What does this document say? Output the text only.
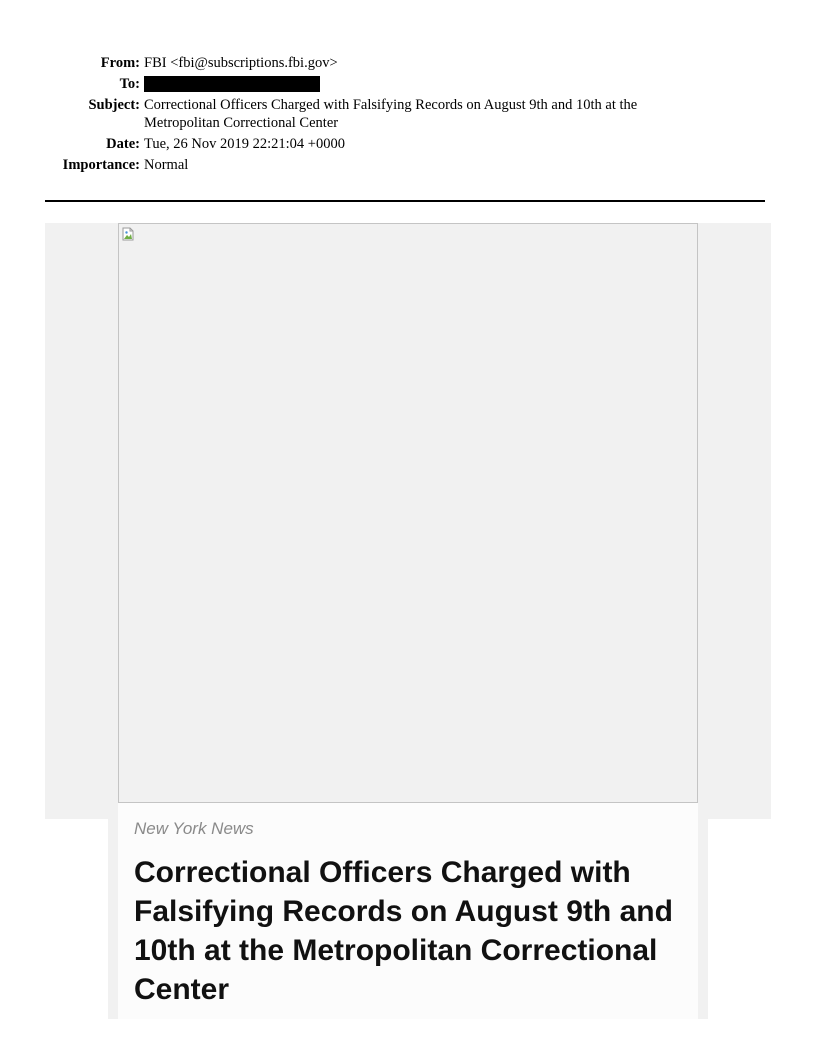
From: FBI <fbi@subscriptions.fbi.gov>
To:
Subject: Correctional Officers Charged with Falsifying Records on August 9th and 10th at the Metropolitan Correctional Center
Date: Tue, 26 Nov 2019 22:21:04 +0000
Importance: Normal
New York News
Correctional Officers Charged with Falsifying Records on August 9th and 10th at the Metropolitan Correctional Center
